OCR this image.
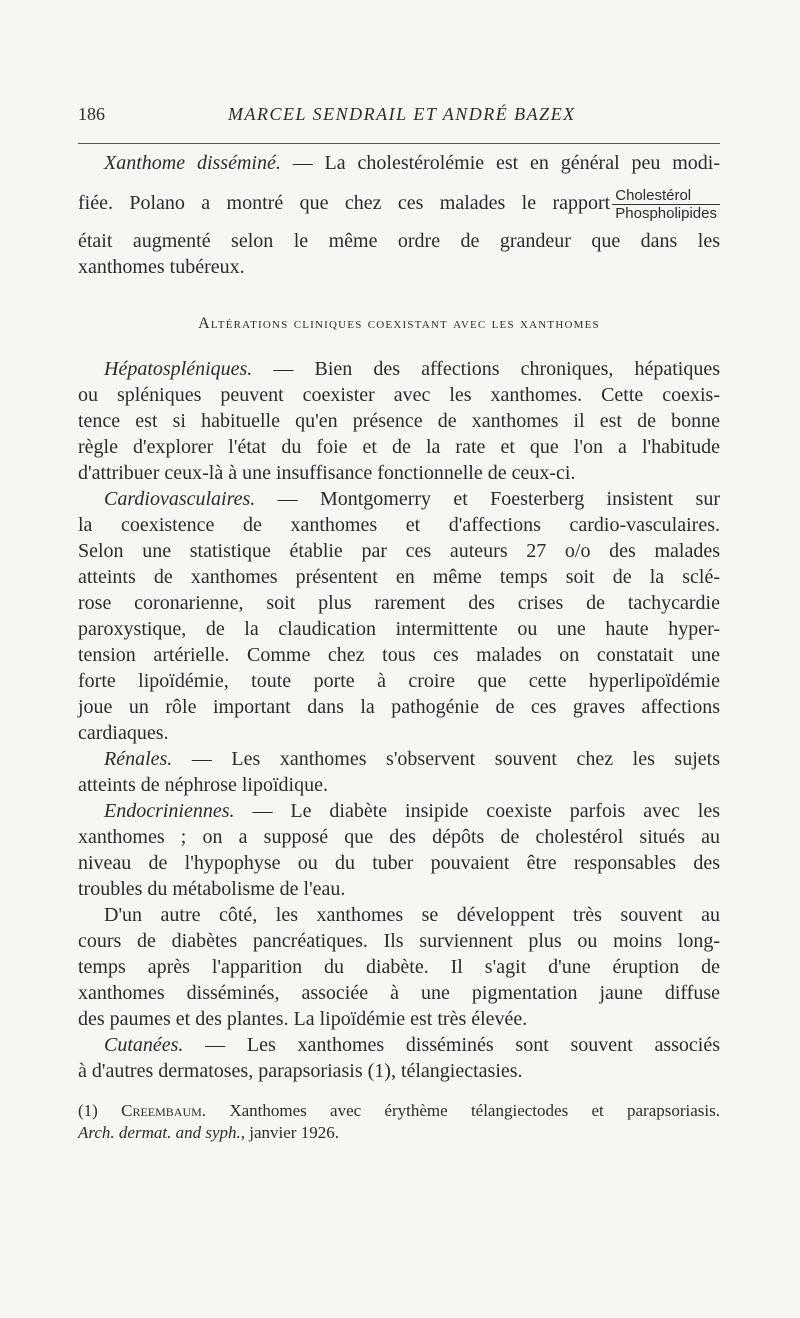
186	MARCEL SENDRAIL ET ANDRÉ BAZEX
Xanthome disséminé. — La cholestérolémie est en général peu modi-
fiée. Polano a montré que chez ces malades le rapport $\frac{\text{Cholestérol}}{\text{Phospholipides}}$
était augmenté selon le même ordre de grandeur que dans les
xanthomes tubéreux.
Altérations cliniques coexistant avec les xanthomes
Hépatospléniques. — Bien des affections chroniques, hépatiques
ou spléniques peuvent coexister avec les xanthomes. Cette coexis-
tence est si habituelle qu'en présence de xanthomes il est de bonne
règle d'explorer l'état du foie et de la rate et que l'on a l'habitude
d'attribuer ceux-là à une insuffisance fonctionnelle de ceux-ci.
Cardiovasculaires. — Montgomerry et Foesterberg insistent sur
la coexistence de xanthomes et d'affections cardio-vasculaires.
Selon une statistique établie par ces auteurs 27 o/o des malades
atteints de xanthomes présentent en même temps soit de la sclé-
rose coronarienne, soit plus rarement des crises de tachycardie
paroxystique, de la claudication intermittente ou une haute hyper-
tension artérielle. Comme chez tous ces malades on constatait une
forte lipoïdémie, toute porte à croire que cette hyperlipoïdémie
joue un rôle important dans la pathogénie de ces graves affections
cardiaques.
Rénales. — Les xanthomes s'observent souvent chez les sujets
atteints de néphrose lipoïdique.
Endocriniennes. — Le diabète insipide coexiste parfois avec les
xanthomes ; on a supposé que des dépôts de cholestérol situés au
niveau de l'hypophyse ou du tuber pouvaient être responsables des
troubles du métabolisme de l'eau.
D'un autre côté, les xanthomes se développent très souvent au
cours de diabètes pancréatiques. Ils surviennent plus ou moins long-
temps après l'apparition du diabète. Il s'agit d'une éruption de
xanthomes disséminés, associée à une pigmentation jaune diffuse
des paumes et des plantes. La lipoïdémie est très élevée.
Cutanées. — Les xanthomes disséminés sont souvent associés
à d'autres dermatoses, parapsoriasis (1), télangiectasies.
(1) Creembaum. Xanthomes avec érythème télangiectodes et parapsoriasis.
Arch. dermat. and syph., janvier 1926.
